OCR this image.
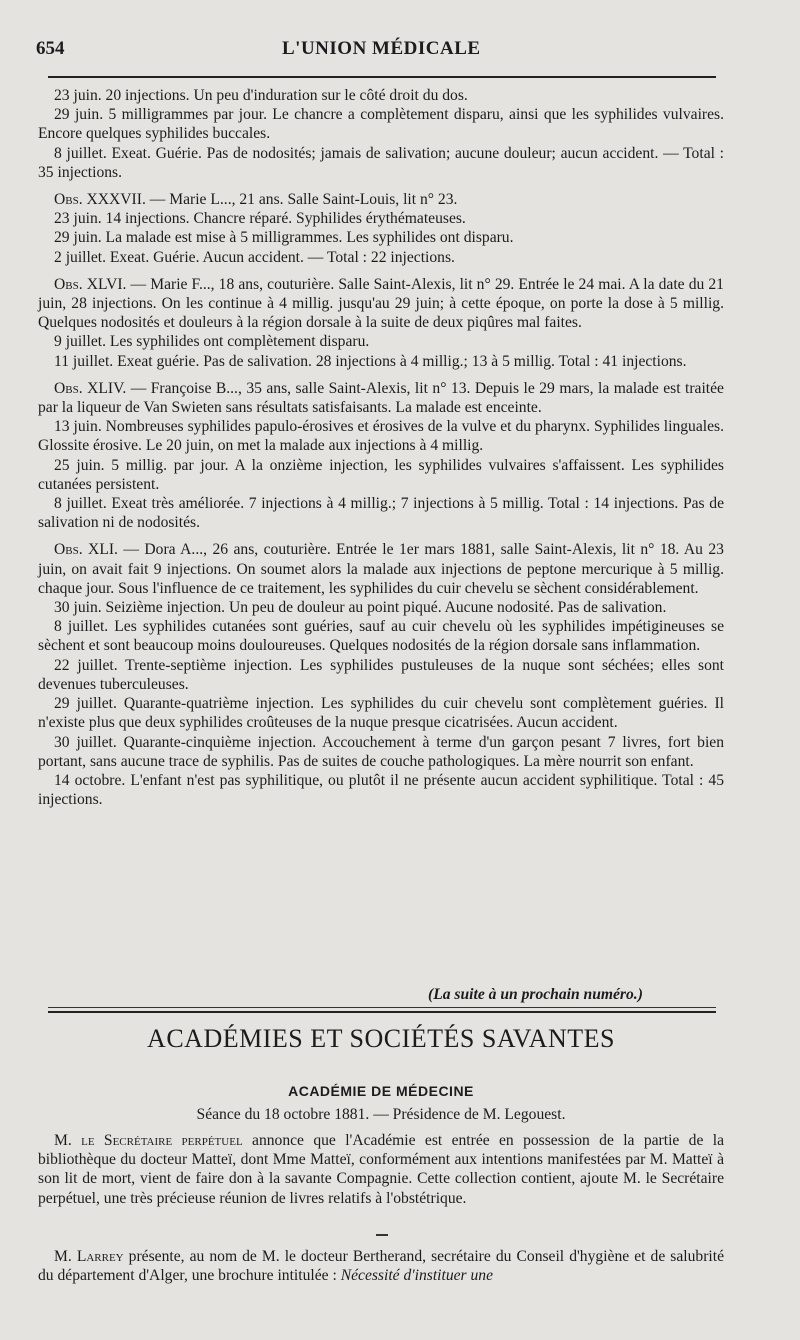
654	L'UNION MÉDICALE

23 juin. 20 injections. Un peu d'induration sur le côté droit du dos.

29 juin. 5 milligrammes par jour. Le chancre a complètement disparu, ainsi que les syphilides vulvaires. Encore quelques syphilides buccales.

8 juillet. Exeat. Guérie. Pas de nodosités; jamais de salivation; aucune douleur; aucun accident. — Total : 35 injections.

Obs. XXXVII. — Marie L..., 21 ans. Salle Saint-Louis, lit n° 23.

23 juin. 14 injections. Chancre réparé. Syphilides érythémateuses.

29 juin. La malade est mise à 5 milligrammes. Les syphilides ont disparu.

2 juillet. Exeat. Guérie. Aucun accident. — Total : 22 injections.

Obs. XLVI. — Marie F..., 18 ans, couturière. Salle Saint-Alexis, lit n° 29. Entrée le 24 mai. A la date du 21 juin, 28 injections. On les continue à 4 millig. jusqu'au 29 juin; à cette époque, on porte la dose à 5 millig. Quelques nodosités et douleurs à la région dorsale à la suite de deux piqûres mal faites.

9 juillet. Les syphilides ont complètement disparu.

11 juillet. Exeat guérie. Pas de salivation. 28 injections à 4 millig.; 13 à 5 millig. Total : 41 injections.

Obs. XLIV. — Françoise B..., 35 ans, salle Saint-Alexis, lit n° 13. Depuis le 29 mars, la malade est traitée par la liqueur de Van Swieten sans résultats satisfaisants. La malade est enceinte.

13 juin. Nombreuses syphilides papulo-érosives et érosives de la vulve et du pharynx. Syphilides linguales. Glossite érosive. Le 20 juin, on met la malade aux injections à 4 millig.

25 juin. 5 millig. par jour. A la onzième injection, les syphilides vulvaires s'affaissent. Les syphilides cutanées persistent.

8 juillet. Exeat très améliorée. 7 injections à 4 millig.; 7 injections à 5 millig. Total : 14 injections. Pas de salivation ni de nodosités.

Obs. XLI. — Dora A..., 26 ans, couturière. Entrée le 1er mars 1881, salle Saint-Alexis, lit n° 18. Au 23 juin, on avait fait 9 injections. On soumet alors la malade aux injections de peptone mercurique à 5 millig. chaque jour. Sous l'influence de ce traitement, les syphilides du cuir chevelu se sèchent considérablement.

30 juin. Seizième injection. Un peu de douleur au point piqué. Aucune nodosité. Pas de salivation.

8 juillet. Les syphilides cutanées sont guéries, sauf au cuir chevelu où les syphilides impétigineuses se sèchent et sont beaucoup moins douloureuses. Quelques nodosités de la région dorsale sans inflammation.

22 juillet. Trente-septième injection. Les syphilides pustuleuses de la nuque sont séchées; elles sont devenues tuberculeuses.

29 juillet. Quarante-quatrième injection. Les syphilides du cuir chevelu sont complètement guéries. Il n'existe plus que deux syphilides croûteuses de la nuque presque cicatrisées. Aucun accident.

30 juillet. Quarante-cinquième injection. Accouchement à terme d'un garçon pesant 7 livres, fort bien portant, sans aucune trace de syphilis. Pas de suites de couche pathologiques. La mère nourrit son enfant.

14 octobre. L'enfant n'est pas syphilitique, ou plutôt il ne présente aucun accident syphilitique. Total : 45 injections.

(La suite à un prochain numéro.)
ACADÉMIES ET SOCIÉTÉS SAVANTES
ACADÉMIE DE MÉDECINE
Séance du 18 octobre 1881. — Présidence de M. Legouest.

M. le Secrétaire perpétuel annonce que l'Académie est entrée en possession de la partie de la bibliothèque du docteur Matteï, dont Mme Matteï, conformément aux intentions manifestées par M. Matteï à son lit de mort, vient de faire don à la savante Compagnie. Cette collection contient, ajoute M. le Secrétaire perpétuel, une très précieuse réunion de livres relatifs à l'obstétrique.

M. Larrey présente, au nom de M. le docteur Bertherand, secrétaire du Conseil d'hygiène et de salubrité du département d'Alger, une brochure intitulée : Nécessité d'instituer une
